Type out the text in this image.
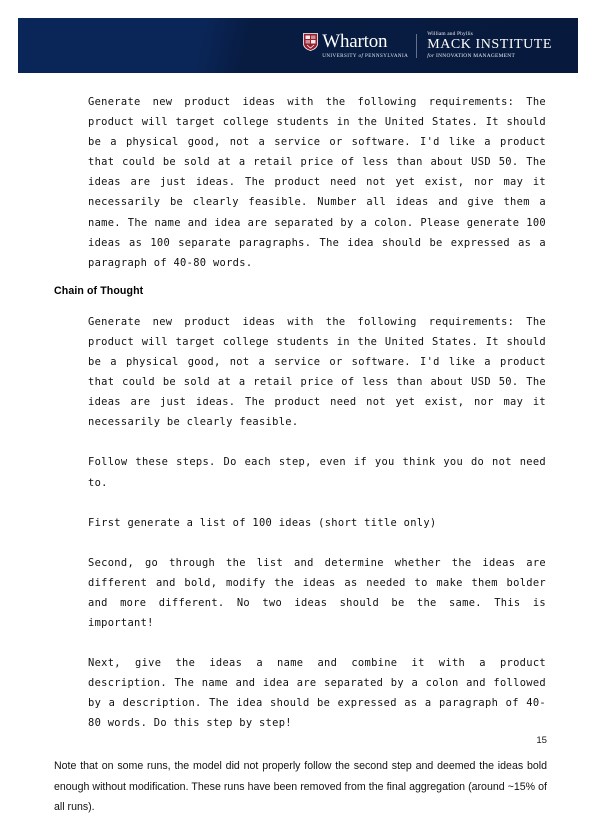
Wharton
UNIVERSITY of PENNSYLVANIA
William and Phyllis
MACK INSTITUTE
for INNOVATION MANAGEMENT

Generate new product ideas with the following requirements: The product will target college students in the United States. It should be a physical good, not a service or software. I'd like a product that could be sold at a retail price of less than about USD 50. The ideas are just ideas. The product need not yet exist, nor may it necessarily be clearly feasible. Number all ideas and give them a name. The name and idea are separated by a colon. Please generate 100 ideas as 100 separate paragraphs. The idea should be expressed as a paragraph of 40-80 words.

Chain of Thought

Generate new product ideas with the following requirements: The product will target college students in the United States. It should be a physical good, not a service or software. I'd like a product that could be sold at a retail price of less than about USD 50. The ideas are just ideas. The product need not yet exist, nor may it necessarily be clearly feasible.

Follow these steps. Do each step, even if you think you do not need to.

First generate a list of 100 ideas (short title only)

Second, go through the list and determine whether the ideas are different and bold, modify the ideas as needed to make them bolder and more different. No two ideas should be the same. This is important!

Next, give the ideas a name and combine it with a product description. The name and idea are separated by a colon and followed by a description. The idea should be expressed as a paragraph of 40-80 words. Do this step by step!

Note that on some runs, the model did not properly follow the second step and deemed the ideas bold enough without modification. These runs have been removed from the final aggregation (around ~15% of all runs).

15
